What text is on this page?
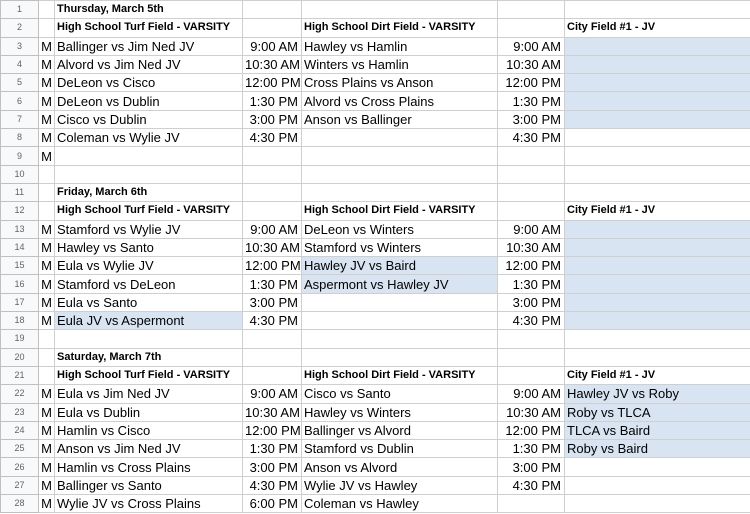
1		Thursday, March 5th				
2		High School Turf Field - VARSITY		High School Dirt Field - VARSITY		City Field #1 - JV
3	M	Ballinger vs Jim Ned JV	9:00 AM	Hawley vs Hamlin	9:00 AM	
4	M	Alvord vs Jim Ned JV	10:30 AM	Winters vs Hamlin	10:30 AM	
5	M	DeLeon vs Cisco	12:00 PM	Cross Plains vs Anson	12:00 PM	
6	M	DeLeon vs Dublin	1:30 PM	Alvord vs Cross Plains	1:30 PM	
7	M	Cisco vs Dublin	3:00 PM	Anson vs Ballinger	3:00 PM	
8	M	Coleman vs Wylie JV	4:30 PM		4:30 PM	
9	M					
10						
11		Friday, March 6th				
12		High School Turf Field - VARSITY		High School Dirt Field - VARSITY		City Field #1 - JV
13	M	Stamford vs Wylie JV	9:00 AM	DeLeon vs Winters	9:00 AM	
14	M	Hawley vs Santo	10:30 AM	Stamford vs Winters	10:30 AM	
15	M	Eula vs Wylie JV	12:00 PM	Hawley JV vs Baird	12:00 PM	
16	M	Stamford vs DeLeon	1:30 PM	Aspermont vs Hawley JV	1:30 PM	
17	M	Eula vs Santo	3:00 PM		3:00 PM	
18	M	Eula JV vs Aspermont	4:30 PM		4:30 PM	
19						
20		Saturday, March 7th				
21		High School Turf Field - VARSITY		High School Dirt Field - VARSITY		City Field #1 - JV
22	M	Eula vs Jim Ned JV	9:00 AM	Cisco vs Santo	9:00 AM	Hawley JV vs Roby
23	M	Eula vs Dublin	10:30 AM	Hawley vs Winters	10:30 AM	Roby vs TLCA
24	M	Hamlin vs Cisco	12:00 PM	Ballinger vs Alvord	12:00 PM	TLCA vs Baird
25	M	Anson vs Jim Ned JV	1:30 PM	Stamford vs Dublin	1:30 PM	Roby vs Baird
26	M	Hamlin vs Cross Plains	3:00 PM	Anson vs Alvord	3:00 PM	
27	M	Ballinger vs Santo	4:30 PM	Wylie JV vs Hawley	4:30 PM	
28	M	Wylie JV vs Cross Plains	6:00 PM	Coleman vs Hawley		
